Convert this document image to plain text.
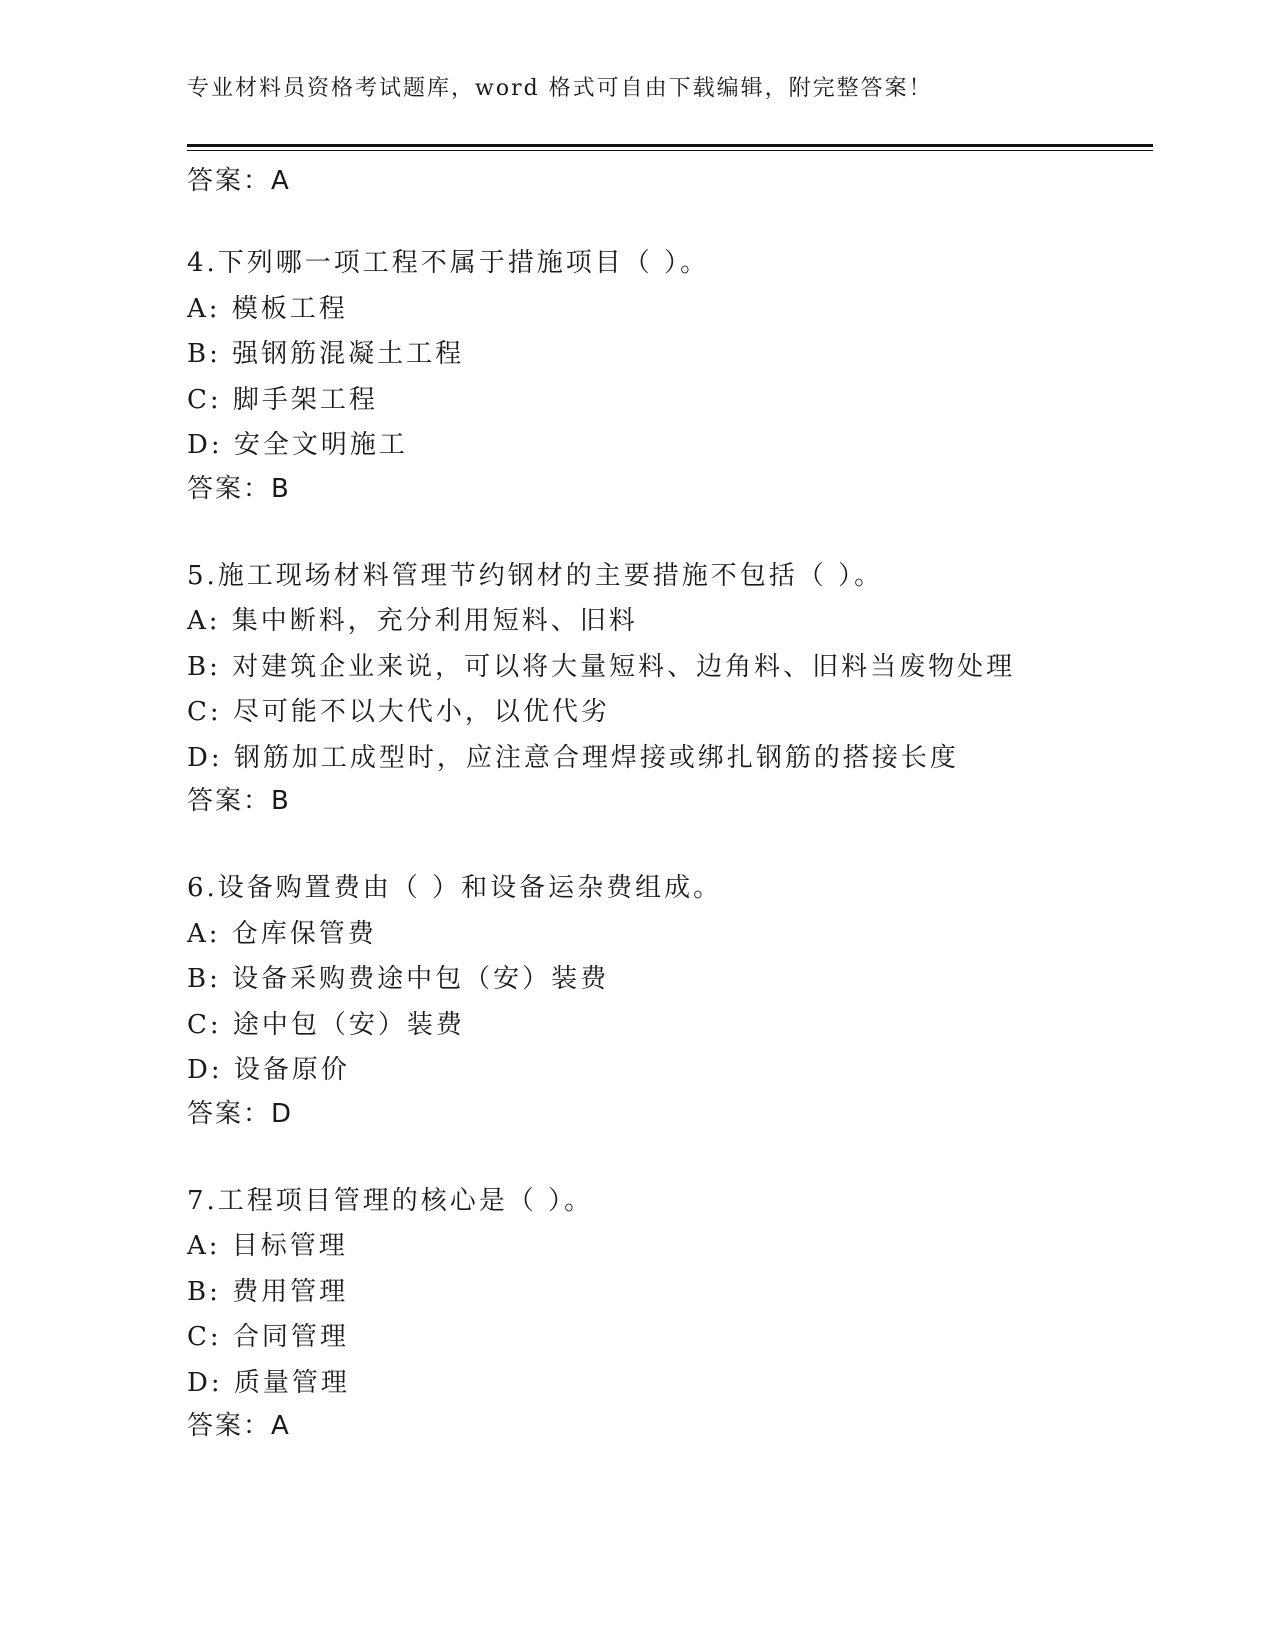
专业材料员资格考试题库，word 格式可自由下载编辑，附完整答案！
答案：A
4.下列哪一项工程不属于措施项目（ ）。
A: 模板工程
B: 强钢筋混凝土工程
C: 脚手架工程
D: 安全文明施工
答案：B
5.施工现场材料管理节约钢材的主要措施不包括（ ）。
A: 集中断料，充分利用短料、旧料
B: 对建筑企业来说，可以将大量短料、边角料、旧料当废物处理
C: 尽可能不以大代小，以优代劣
D: 钢筋加工成型时，应注意合理焊接或绑扎钢筋的搭接长度
答案：B
6.设备购置费由（ ）和设备运杂费组成。
A: 仓库保管费
B: 设备采购费途中包（安）装费
C: 途中包（安）装费
D: 设备原价
答案：D
7.工程项目管理的核心是（ ）。
A: 目标管理
B: 费用管理
C: 合同管理
D: 质量管理
答案：A
